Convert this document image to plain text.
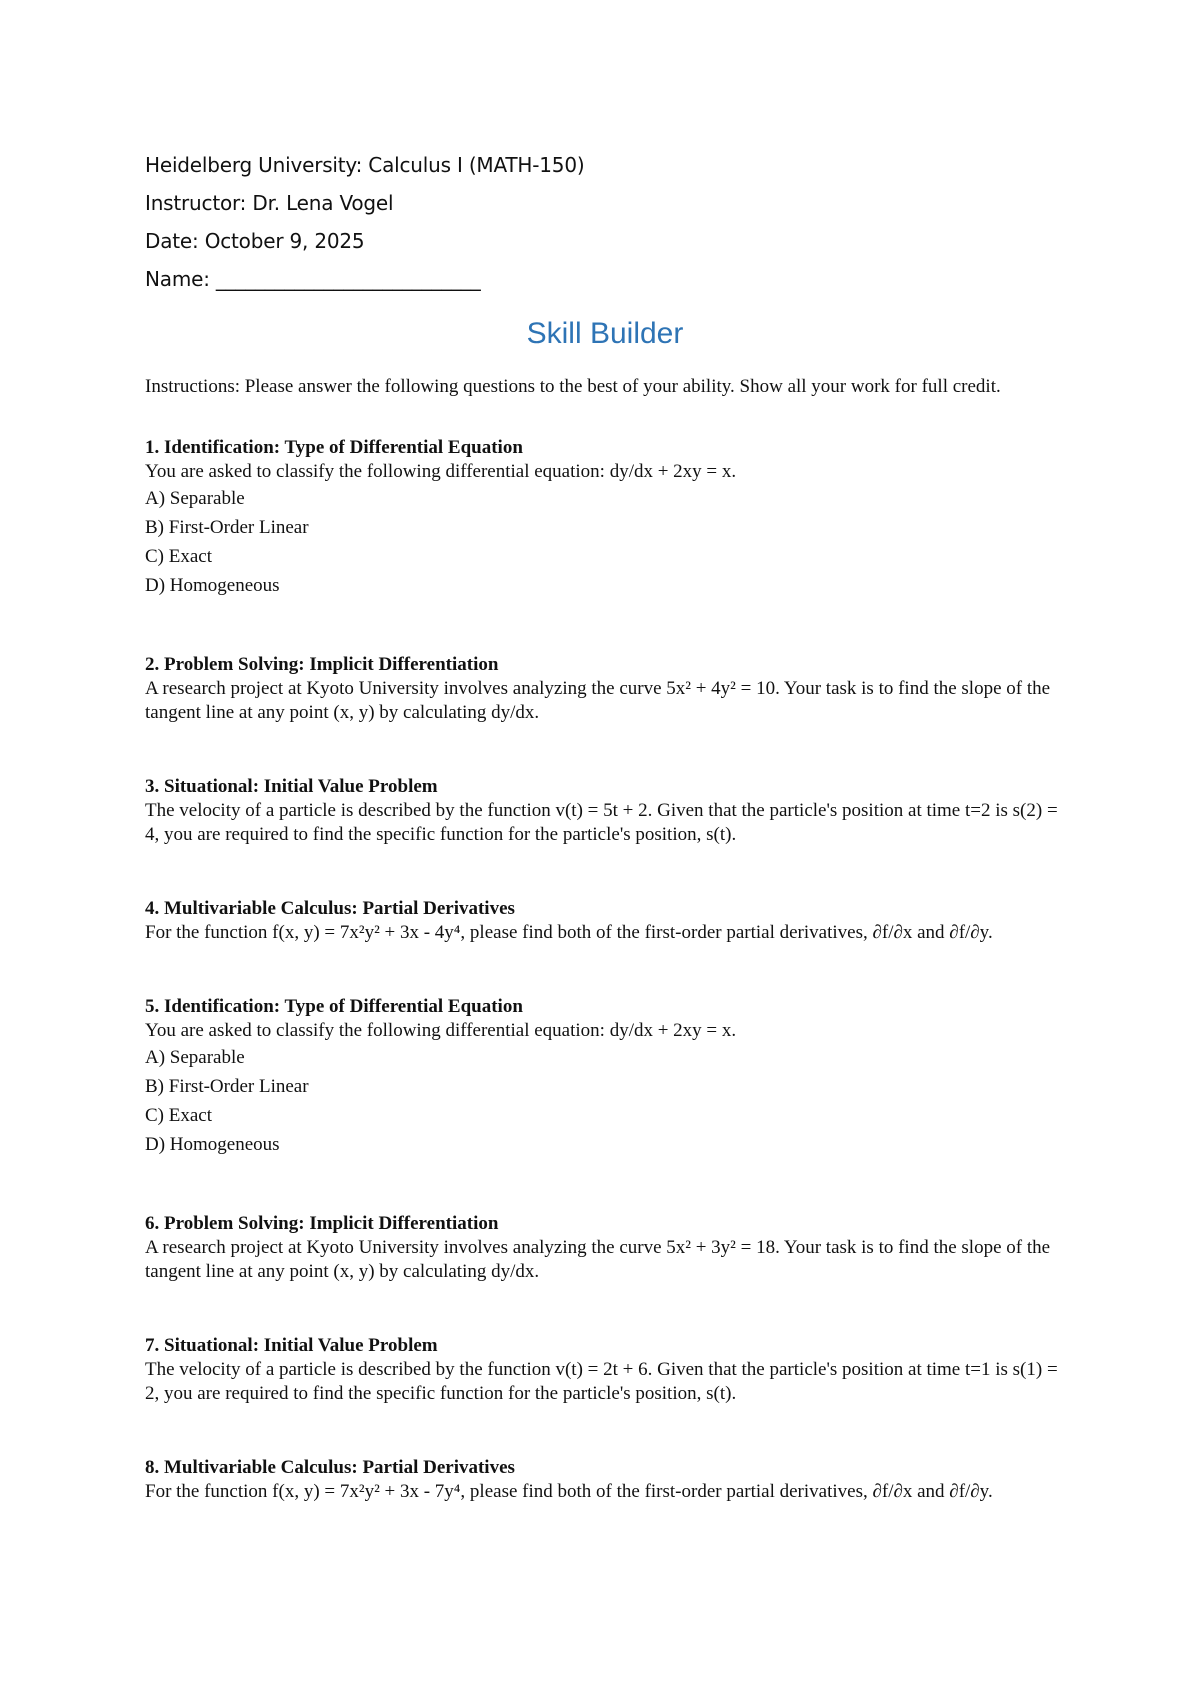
Heidelberg University: Calculus I (MATH-150)
Instructor: Dr. Lena Vogel
Date: October 9, 2025
Name: ___________________________
Skill Builder
Instructions: Please answer the following questions to the best of your ability. Show all your work for full credit.
1. Identification: Type of Differential Equation
You are asked to classify the following differential equation: dy/dx + 2xy = x.
A) Separable
B) First-Order Linear
C) Exact
D) Homogeneous
2. Problem Solving: Implicit Differentiation
A research project at Kyoto University involves analyzing the curve 5x² + 4y² = 10. Your task is to find the slope of the tangent line at any point (x, y) by calculating dy/dx.
3. Situational: Initial Value Problem
The velocity of a particle is described by the function v(t) = 5t + 2. Given that the particle's position at time t=2 is s(2) = 4, you are required to find the specific function for the particle's position, s(t).
4. Multivariable Calculus: Partial Derivatives
For the function f(x, y) = 7x²y² + 3x - 4y⁴, please find both of the first-order partial derivatives, ∂f/∂x and ∂f/∂y.
5. Identification: Type of Differential Equation
You are asked to classify the following differential equation: dy/dx + 2xy = x.
A) Separable
B) First-Order Linear
C) Exact
D) Homogeneous
6. Problem Solving: Implicit Differentiation
A research project at Kyoto University involves analyzing the curve 5x² + 3y² = 18. Your task is to find the slope of the tangent line at any point (x, y) by calculating dy/dx.
7. Situational: Initial Value Problem
The velocity of a particle is described by the function v(t) = 2t + 6. Given that the particle's position at time t=1 is s(1) = 2, you are required to find the specific function for the particle's position, s(t).
8. Multivariable Calculus: Partial Derivatives
For the function f(x, y) = 7x²y² + 3x - 7y⁴, please find both of the first-order partial derivatives, ∂f/∂x and ∂f/∂y.
